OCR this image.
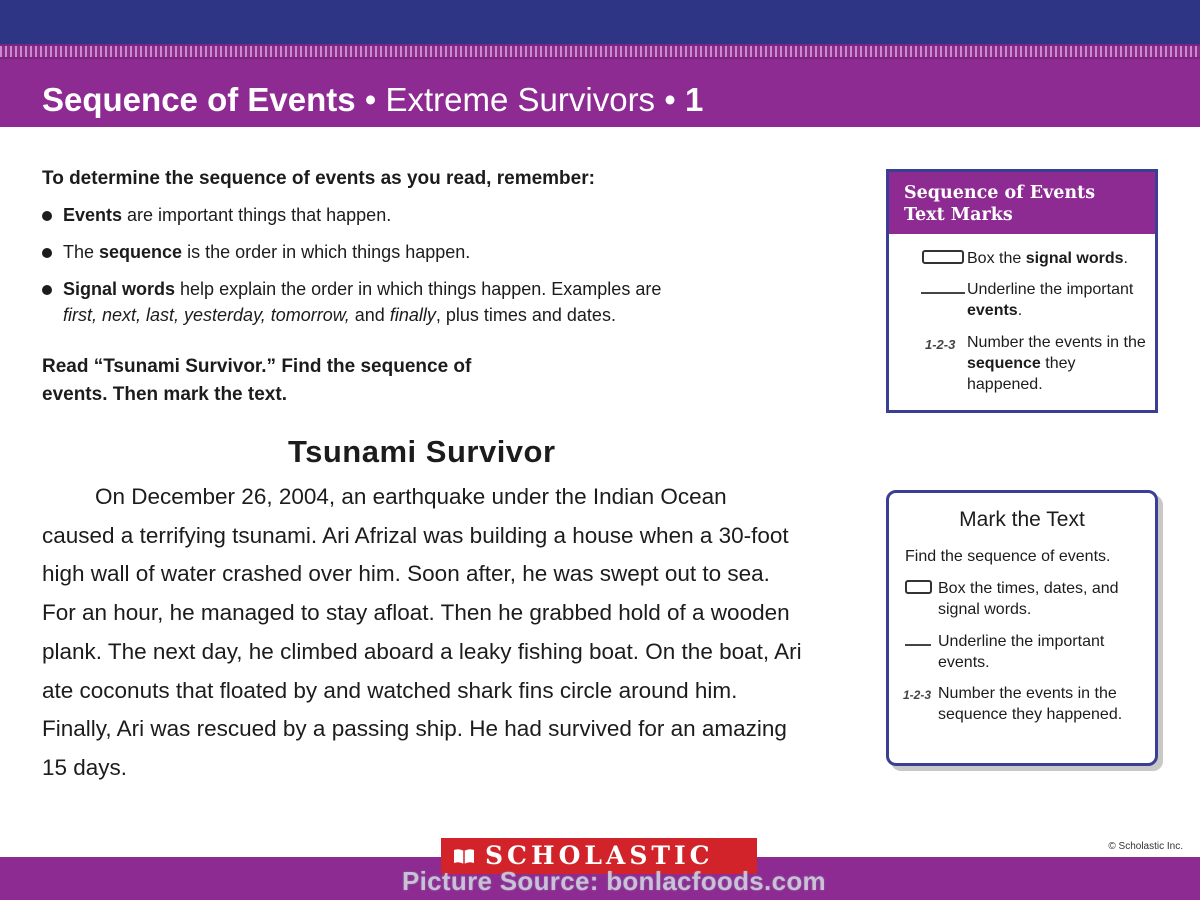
Sequence of Events • Extreme Survivors • 1
To determine the sequence of events as you read, remember:
Events are important things that happen.
The sequence is the order in which things happen.
Signal words help explain the order in which things happen. Examples are
first, next, last, yesterday, tomorrow, and finally, plus times and dates.
Read “Tsunami Survivor.” Find the sequence of events. Then mark the text.
Tsunami Survivor

On December 26, 2004, an earthquake under the Indian Ocean caused a terrifying tsunami. Ari Afrizal was building a house when a 30-foot high wall of water crashed over him. Soon after, he was swept out to sea. For an hour, he managed to stay afloat. Then he grabbed hold of a wooden plank. The next day, he climbed aboard a leaky fishing boat. On the boat, Ari ate coconuts that floated by and watched shark fins circle around him. Finally, Ari was rescued by a passing ship. He had survived for an amazing 15 days.

Sequence of Events Text Marks
Box the signal words.
Underline the important events.
1-2-3 Number the events in the sequence they happened.
Mark the Text
Find the sequence of events.
Box the times, dates, and signal words.
Underline the important events.
1-2-3 Number the events in the sequence they happened.
SCHOLASTIC	© Scholastic Inc.
Picture Source: bonlacfoods.com
